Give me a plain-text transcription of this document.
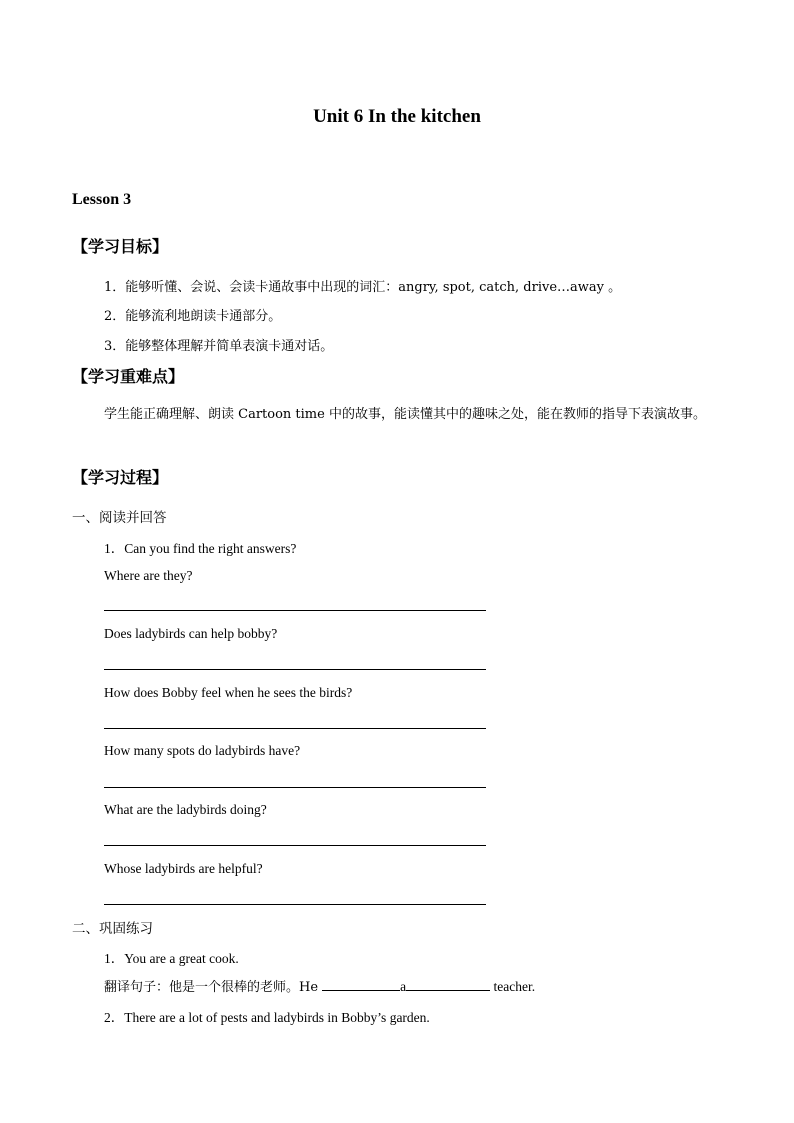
Unit 6 In the kitchen
Lesson 3
【学习目标】
1．能够听懂、会说、会读卡通故事中出现的词汇：angry, spot, catch, drive…away 。
2．能够流利地朗读卡通部分。
3．能够整体理解并简单表演卡通对话。
【学习重难点】
学生能正确理解、朗读 Cartoon time 中的故事，能读懂其中的趣味之处，能在教师的指导下表演故事。
【学习过程】
一、阅读并回答
1．Can you find the right answers?
Where are they?
Does ladybirds can help bobby?
How does Bobby feel when he sees the birds?
How many spots do ladybirds have?
What are the ladybirds doing?
Whose ladybirds are helpful?
二、巩固练习
1．You are a great cook.
翻译句子：他是一个很棒的老师。He	a	teacher.
2．There are a lot of pests and ladybirds in Bobby’s garden.
